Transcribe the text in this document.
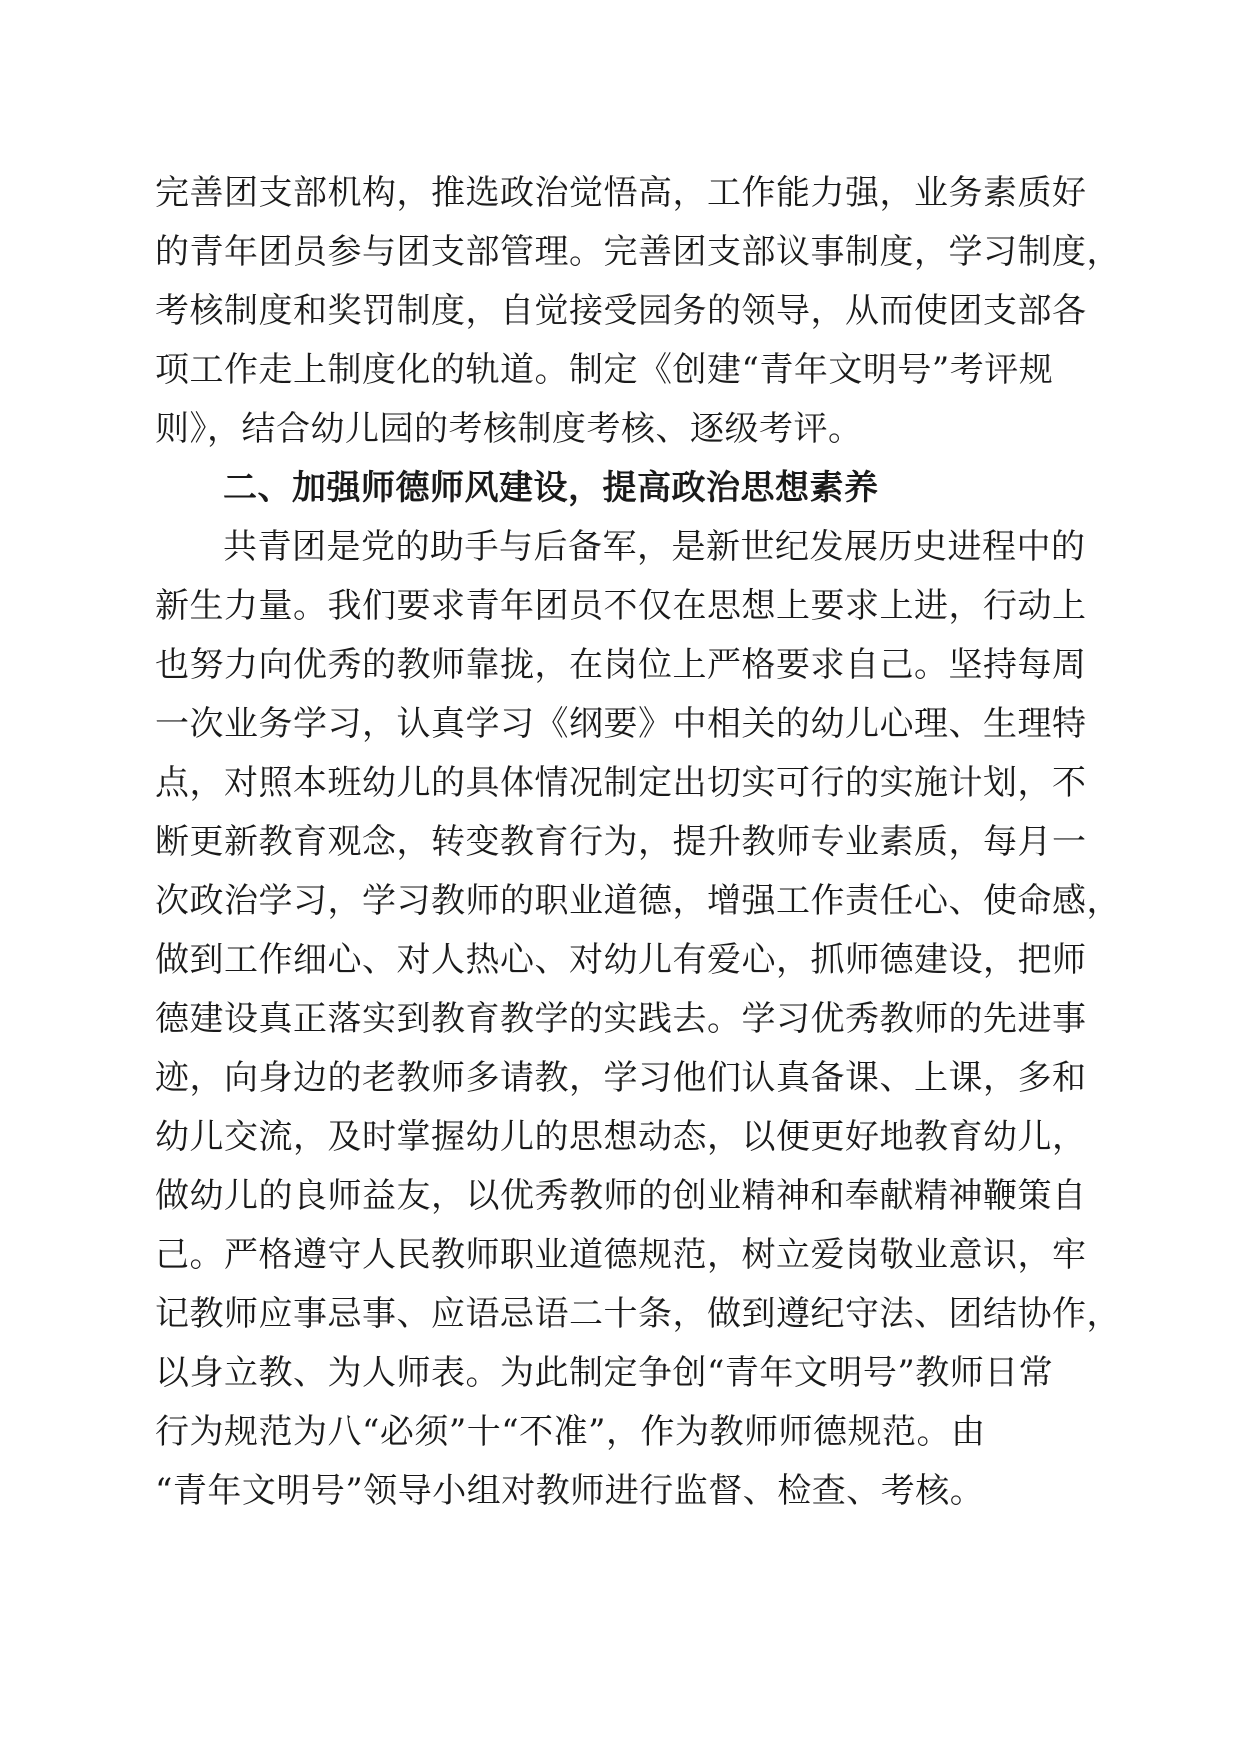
完善团支部机构，推选政治觉悟高，工作能力强，业务素质好
的青年团员参与团支部管理。完善团支部议事制度，学习制度，
考核制度和奖罚制度，自觉接受园务的领导，从而使团支部各
项工作走上制度化的轨道。制定《创建“青年文明号”考评规
则》，结合幼儿园的考核制度考核、逐级考评。
二、加强师德师风建设，提高政治思想素养
共青团是党的助手与后备军，是新世纪发展历史进程中的
新生力量。我们要求青年团员不仅在思想上要求上进，行动上
也努力向优秀的教师靠拢，在岗位上严格要求自己。坚持每周
一次业务学习，认真学习《纲要》中相关的幼儿心理、生理特
点，对照本班幼儿的具体情况制定出切实可行的实施计划，不
断更新教育观念，转变教育行为，提升教师专业素质，每月一
次政治学习，学习教师的职业道德，增强工作责任心、使命感，
做到工作细心、对人热心、对幼儿有爱心，抓师德建设，把师
德建设真正落实到教育教学的实践去。学习优秀教师的先进事
迹，向身边的老教师多请教，学习他们认真备课、上课，多和
幼儿交流，及时掌握幼儿的思想动态，以便更好地教育幼儿，
做幼儿的良师益友，以优秀教师的创业精神和奉献精神鞭策自
己。严格遵守人民教师职业道德规范，树立爱岗敬业意识，牢
记教师应事忌事、应语忌语二十条，做到遵纪守法、团结协作，
以身立教、为人师表。为此制定争创“青年文明号”教师日常
行为规范为八“必须”十“不准”，作为教师师德规范。由
“青年文明号”领导小组对教师进行监督、检查、考核。
